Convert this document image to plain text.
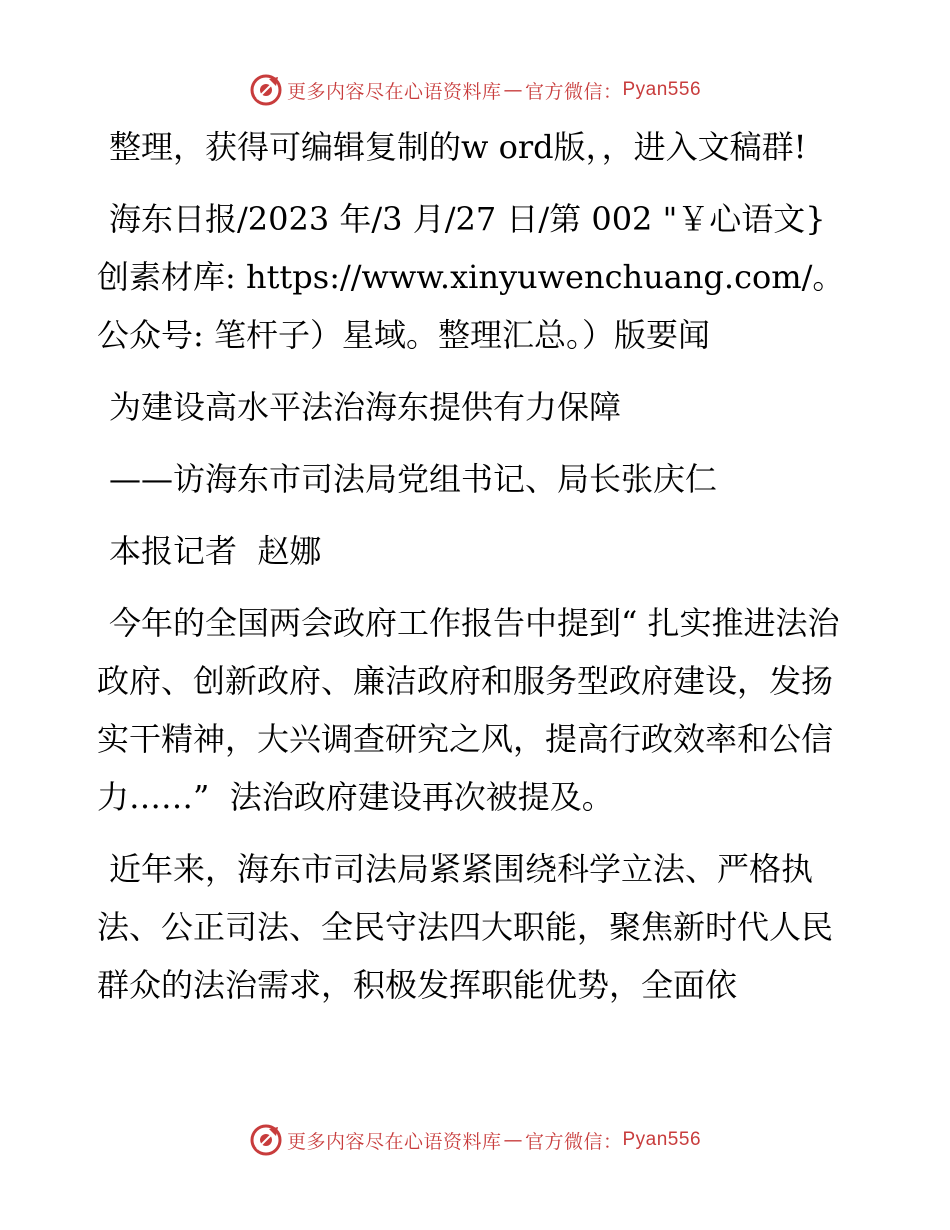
更多内容尽在心语资料库 — 官方微信： Pyan556

整理，获得可编辑复制的w ord版，，进入文稿群!

海东日报/2023 年/3 月/27 日/第 002 "￥心语文}创素材库: https://www.xinyuwenchuang.com/。公众号: 笔杆子）星域。整理汇总。）版要闻

为建设高水平法治海东提供有力保障

——访海东市司法局党组书记、局长张庆仁

本报记者  赵娜

今年的全国两会政府工作报告中提到“ 扎实推进法治政府、创新政府、廉洁政府和服务型政府建设，发扬实干精神，大兴调查研究之风，提高行政效率和公信力……”  法治政府建设再次被提及。

近年来，海东市司法局紧紧围绕科学立法、严格执法、公正司法、全民守法四大职能，聚焦新时代人民群众的法治需求，积极发挥职能优势，全面依

更多内容尽在心语资料库 — 官方微信： Pyan556
